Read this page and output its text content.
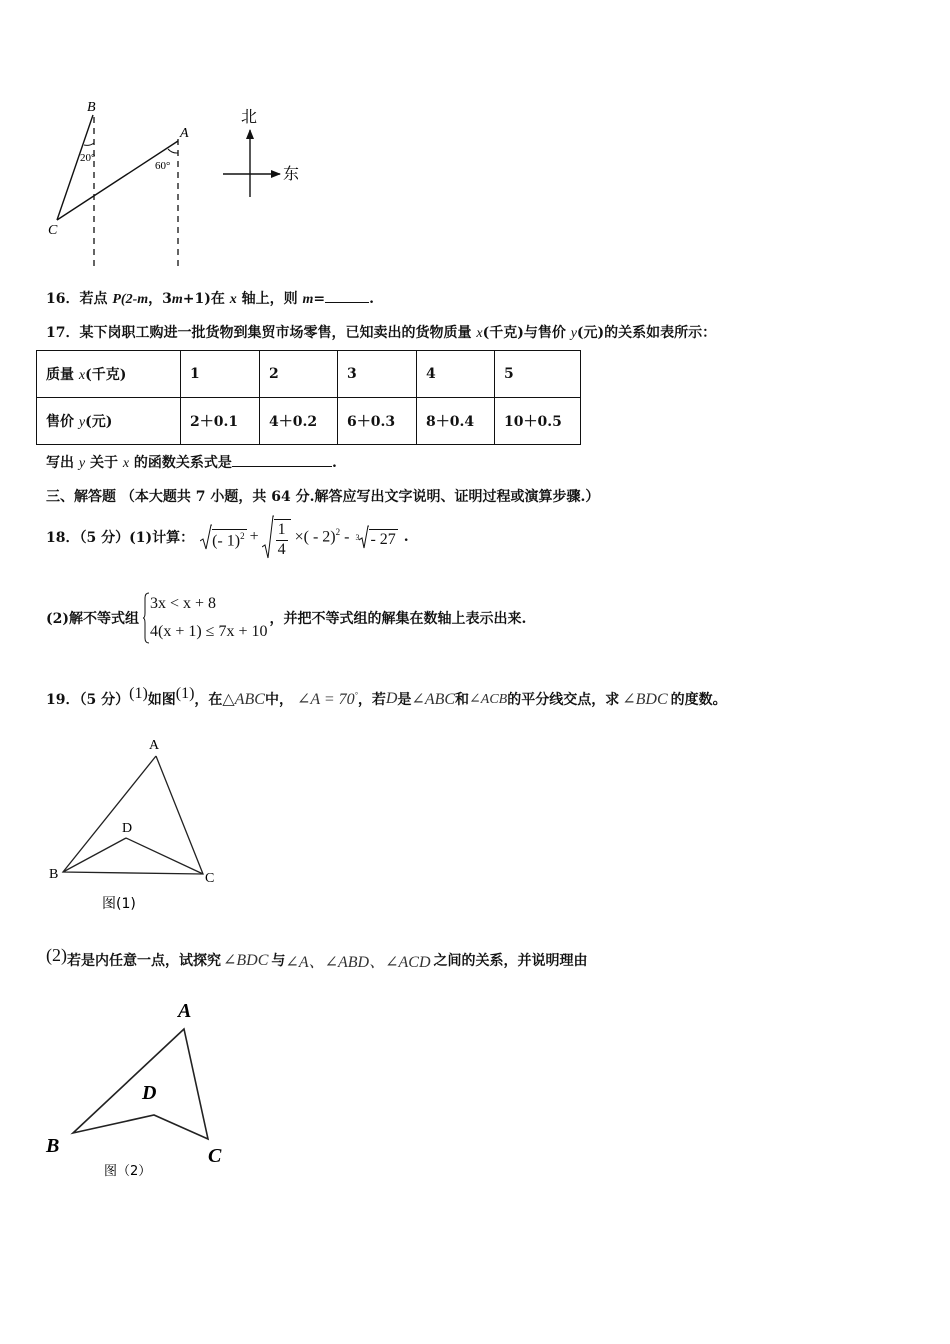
B
A
C
20°
60°
北
东
16．若点 P(2-m，3m+1)在 x 轴上，则 m=	.
17．某下岗职工购进一批货物到集贸市场零售，已知卖出的货物质量 x(千克)与售价 y(元)的关系如表所示：
质量 x(千克)	1	2	3	4	5
售价 y(元)	2＋0.1	4＋0.2	6＋0.3	8＋0.4	10＋0.5
写出 y 关于 x 的函数关系式是	.
三、解答题 （本大题共 7 小题，共 64 分.解答应写出文字说明、证明过程或演算步骤.）
18．（5 分）(1)计算： (- 1)$^2$ + 1
4
×( - 2)$^2$ - 3 - 27 .
(2)解不等式组
3x < x + 8
4(x + 1) ≤ 7x + 10
，并把不等式组的解集在数轴上表示出来.
19．（5 分） (1) 如图 (1) ，在 △ABC 中， ∠A = 70° ，若 D 是 ∠ABC 和 ∠ACB 的平分线交点，求 ∠BDC 的度数。
A
B	C
D
图(1)
(2) 若是内任意一点，试探究 ∠BDC 与 ∠A、∠ABD、∠ACD 之间的关系，并说明理由
A
B	C
D
图（2）
